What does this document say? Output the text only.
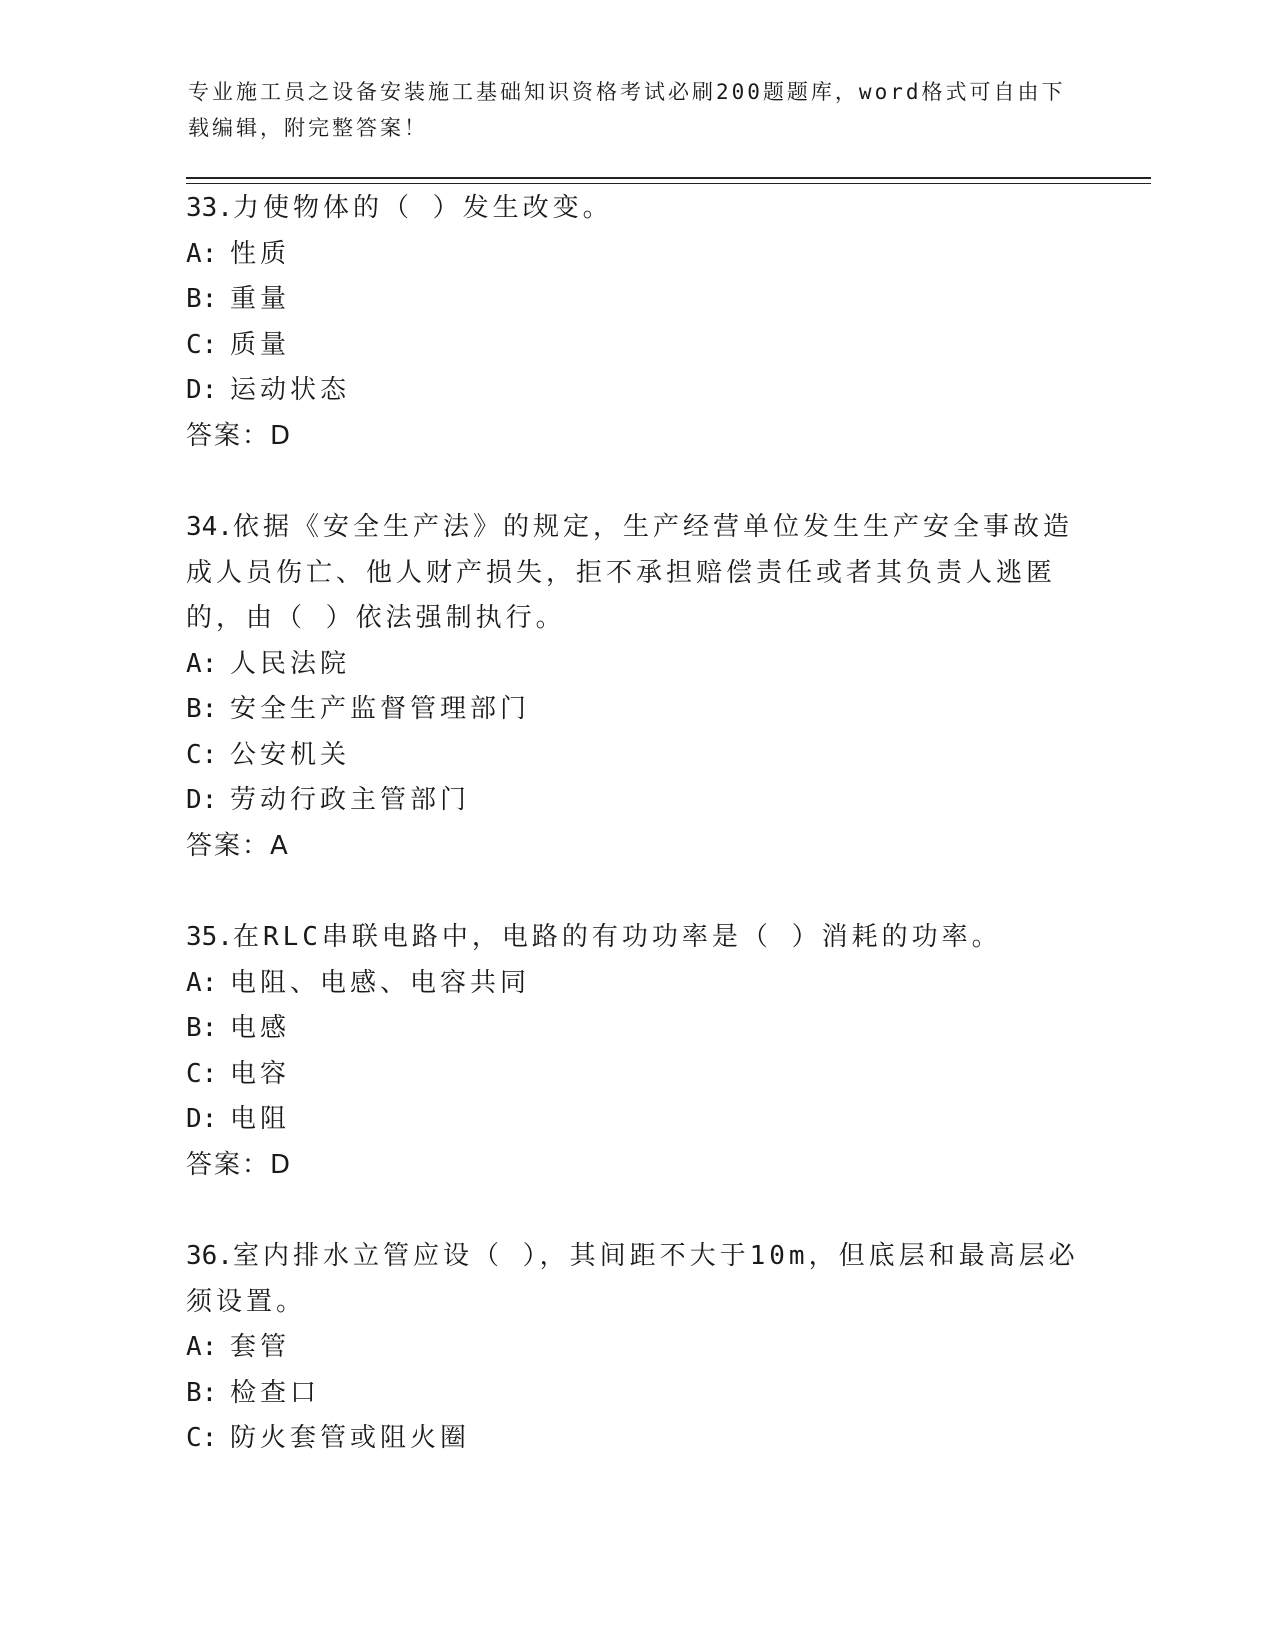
专业施工员之设备安装施工基础知识资格考试必刷200题题库，word格式可自由下载编辑，附完整答案！
33.力使物体的（ ）发生改变。
A: 性质
B: 重量
C: 质量
D: 运动状态
答案：D
34.依据《安全生产法》的规定，生产经营单位发生生产安全事故造成人员伤亡、他人财产损失，拒不承担赔偿责任或者其负责人逃匿的，由（ ）依法强制执行。
A: 人民法院
B: 安全生产监督管理部门
C: 公安机关
D: 劳动行政主管部门
答案：A
35.在RLC串联电路中，电路的有功功率是（ ）消耗的功率。
A: 电阻、电感、电容共同
B: 电感
C: 电容
D: 电阻
答案：D
36.室内排水立管应设（ ），其间距不大于10m，但底层和最高层必须设置。
A: 套管
B: 检查口
C: 防火套管或阻火圈
